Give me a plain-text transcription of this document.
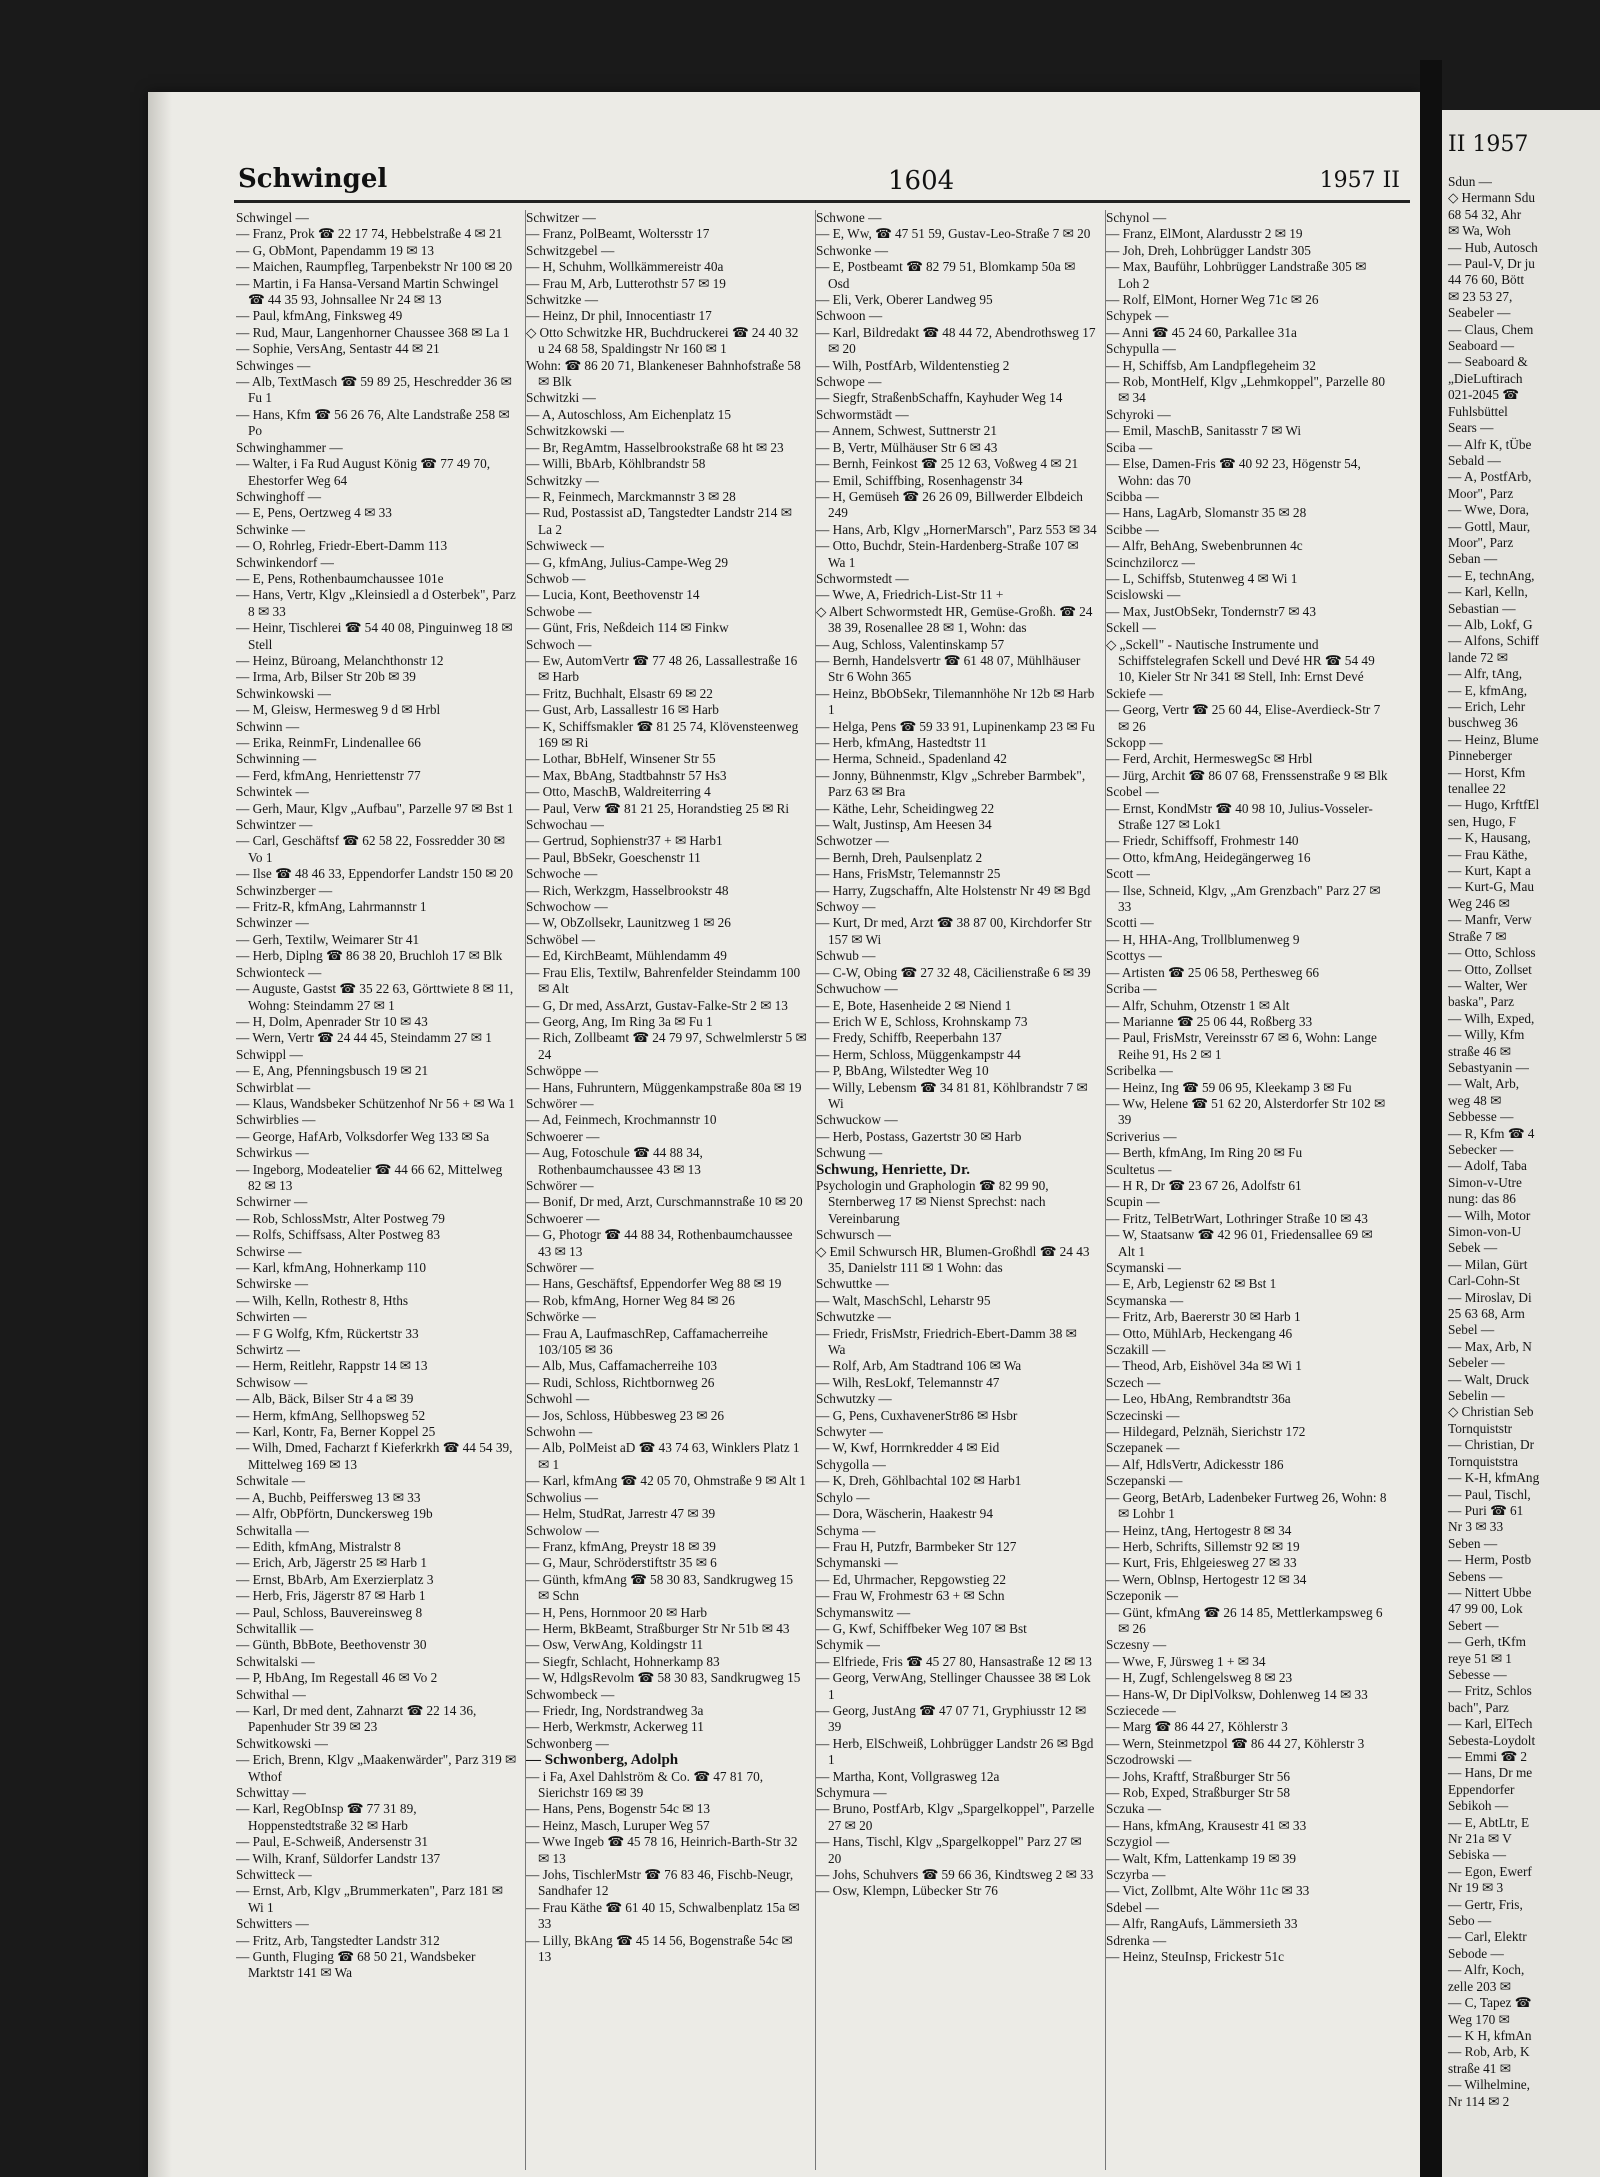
Schwingel	1604	1957 II

Schwingel —

— Franz, Prok ☎ 22 17 74, Hebbelstraße 4 ✉ 21

— G, ObMont, Papendamm 19 ✉ 13

— Maichen, Raumpfleg, Tarpenbekstr Nr 100 ✉ 20

— Martin, i Fa Hansa-Versand Martin Schwingel ☎ 44 35 93, Johnsallee Nr 24 ✉ 13

— Paul, kfmAng, Finksweg 49

— Rud, Maur, Langenhorner Chaussee 368 ✉ La 1

— Sophie, VersAng, Sentastr 44 ✉ 21

Schwinges —

— Alb, TextMasch ☎ 59 89 25, Heschredder 36 ✉ Fu 1

— Hans, Kfm ☎ 56 26 76, Alte Landstraße 258 ✉ Po

Schwinghammer —

— Walter, i Fa Rud August König ☎ 77 49 70, Ehestorfer Weg 64

Schwinghoff —

— E, Pens, Oertzweg 4 ✉ 33

Schwinke —

— O, Rohrleg, Friedr-Ebert-Damm 113

Schwinkendorf —

— E, Pens, Rothenbaumchaussee 101e

— Hans, Vertr, Klgv „Kleinsiedl a d Osterbek", Parz 8 ✉ 33

— Heinr, Tischlerei ☎ 54 40 08, Pinguinweg 18 ✉ Stell

— Heinz, Büroang, Melanchthonstr 12

— Irma, Arb, Bilser Str 20b ✉ 39

Schwinkowski —

— M, Gleisw, Hermesweg 9 d ✉ Hrbl

Schwinn —

— Erika, ReinmFr, Lindenallee 66

Schwinning —

— Ferd, kfmAng, Henriettenstr 77

Schwintek —

— Gerh, Maur, Klgv „Aufbau", Parzelle 97 ✉ Bst 1

Schwintzer —

— Carl, Geschäftsf ☎ 62 58 22, Fossredder 30 ✉ Vo 1

— Ilse ☎ 48 46 33, Eppendorfer Landstr 150 ✉ 20

Schwinzberger —

— Fritz-R, kfmAng, Lahrmannstr 1

Schwinzer —

— Gerh, Textilw, Weimarer Str 41

— Herb, Diplng ☎ 86 38 20, Bruchloh 17 ✉ Blk

Schwionteck —

— Auguste, Gastst ☎ 35 22 63, Görttwiete 8 ✉ 11, Wohng: Steindamm 27 ✉ 1

— H, Dolm, Apenrader Str 10 ✉ 43

— Wern, Vertr ☎ 24 44 45, Steindamm 27 ✉ 1

Schwippl —

— E, Ang, Pfenningsbusch 19 ✉ 21

Schwirblat —

— Klaus, Wandsbeker Schützenhof Nr 56 + ✉ Wa 1

Schwirblies —

— George, HafArb, Volksdorfer Weg 133 ✉ Sa

Schwirkus —

— Ingeborg, Modeatelier ☎ 44 66 62, Mittelweg 82 ✉ 13

Schwirner —

— Rob, SchlossMstr, Alter Postweg 79

— Rolfs, Schiffsass, Alter Postweg 83

Schwirse —

— Karl, kfmAng, Hohnerkamp 110

Schwirske —

— Wilh, Kelln, Rothestr 8, Hths

Schwirten —

— F G Wolfg, Kfm, Rückertstr 33

Schwirtz —

— Herm, Reitlehr, Rappstr 14 ✉ 13

Schwisow —

— Alb, Bäck, Bilser Str 4 a ✉ 39

— Herm, kfmAng, Sellhopsweg 52

— Karl, Kontr, Fa, Berner Koppel 25

— Wilh, Dmed, Facharzt f Kieferkrkh ☎ 44 54 39, Mittelweg 169 ✉ 13

Schwitale —

— A, Buchb, Peiffersweg 13 ✉ 33

— Alfr, ObPförtn, Dunckersweg 19b

Schwitalla —

— Edith, kfmAng, Mistralstr 8

— Erich, Arb, Jägerstr 25 ✉ Harb 1

— Ernst, BbArb, Am Exerzierplatz 3

— Herb, Fris, Jägerstr 87 ✉ Harb 1

— Paul, Schloss, Bauvereinsweg 8

Schwitallik —

— Günth, BbBote, Beethovenstr 30

Schwitalski —

— P, HbAng, Im Regestall 46 ✉ Vo 2

Schwithal —

— Karl, Dr med dent, Zahnarzt ☎ 22 14 36, Papenhuder Str 39 ✉ 23

Schwitkowski —

— Erich, Brenn, Klgv „Maakenwärder", Parz 319 ✉ Wthof

Schwittay —

— Karl, RegObInsp ☎ 77 31 89, Hoppenstedtstraße 32 ✉ Harb

— Paul, E-Schweiß, Andersenstr 31

— Wilh, Kranf, Süldorfer Landstr 137

Schwitteck —

— Ernst, Arb, Klgv „Brummerkaten", Parz 181 ✉ Wi 1

Schwitters —

— Fritz, Arb, Tangstedter Landstr 312

— Gunth, Fluging ☎ 68 50 21, Wandsbeker Marktstr 141 ✉ Wa

Schwitzer —

— Franz, PolBeamt, Woltersstr 17

Schwitzgebel —

— H, Schuhm, Wollkämmereistr 40a

— Frau M, Arb, Lutterothstr 57 ✉ 19

Schwitzke —

— Heinz, Dr phil, Innocentiastr 17

◇ Otto Schwitzke HR, Buchdruckerei ☎ 24 40 32 u 24 68 58, Spaldingstr Nr 160 ✉ 1

Wohn: ☎ 86 20 71, Blankeneser Bahnhofstraße 58 ✉ Blk

Schwitzki —

— A, Autoschloss, Am Eichenplatz 15

Schwitzkowski —

— Br, RegAmtm, Hasselbrookstraße 68 ht ✉ 23

— Willi, BbArb, Köhlbrandstr 58

Schwitzky —

— R, Feinmech, Marckmannstr 3 ✉ 28

— Rud, Postassist aD, Tangstedter Landstr 214 ✉ La 2

Schwiweck —

— G, kfmAng, Julius-Campe-Weg 29

Schwob —

— Lucia, Kont, Beethovenstr 14

Schwobe —

— Günt, Fris, Neßdeich 114 ✉ Finkw

Schwoch —

— Ew, AutomVertr ☎ 77 48 26, Lassallestraße 16 ✉ Harb

— Fritz, Buchhalt, Elsastr 69 ✉ 22

— Gust, Arb, Lassallestr 16 ✉ Harb

— K, Schiffsmakler ☎ 81 25 74, Klövensteenweg 169 ✉ Ri

— Lothar, BbHelf, Winsener Str 55

— Max, BbAng, Stadtbahnstr 57 Hs3

— Otto, MaschB, Waldreiterring 4

— Paul, Verw ☎ 81 21 25, Horandstieg 25 ✉ Ri

Schwochau —

— Gertrud, Sophienstr37 + ✉ Harb1

— Paul, BbSekr, Goeschenstr 11

Schwoche —

— Rich, Werkzgm, Hasselbrookstr 48

Schwochow —

— W, ObZollsekr, Launitzweg 1 ✉ 26

Schwöbel —

— Ed, KirchBeamt, Mühlendamm 49

— Frau Elis, Textilw, Bahrenfelder Steindamm 100 ✉ Alt

— G, Dr med, AssArzt, Gustav-Falke-Str 2 ✉ 13

— Georg, Ang, Im Ring 3a ✉ Fu 1

— Rich, Zollbeamt ☎ 24 79 97, Schwelmlerstr 5 ✉ 24

Schwöppe —

— Hans, Fuhruntern, Müggenkampstraße 80a ✉ 19

Schwörer —

— Ad, Feinmech, Krochmannstr 10

Schwoerer —

— Aug, Fotoschule ☎ 44 88 34, Rothenbaumchaussee 43 ✉ 13

Schwörer —

— Bonif, Dr med, Arzt, Curschmannstraße 10 ✉ 20

Schwoerer —

— G, Photogr ☎ 44 88 34, Rothenbaumchaussee 43 ✉ 13

Schwörer —

— Hans, Geschäftsf, Eppendorfer Weg 88 ✉ 19

— Rob, kfmAng, Horner Weg 84 ✉ 26

Schwörke —

— Frau A, LaufmaschRep, Caffamacherreihe 103/105 ✉ 36

— Alb, Mus, Caffamacherreihe 103

— Rudi, Schloss, Richtbornweg 26

Schwohl —

— Jos, Schloss, Hübbesweg 23 ✉ 26

Schwohn —

— Alb, PolMeist aD ☎ 43 74 63, Winklers Platz 1 ✉ 1

— Karl, kfmAng ☎ 42 05 70, Ohmstraße 9 ✉ Alt 1

Schwolius —

— Helm, StudRat, Jarrestr 47 ✉ 39

Schwolow —

— Franz, kfmAng, Preystr 18 ✉ 39

— G, Maur, Schröderstiftstr 35 ✉ 6

— Günth, kfmAng ☎ 58 30 83, Sandkrugweg 15 ✉ Schn

— H, Pens, Hornmoor 20 ✉ Harb

— Herm, BkBeamt, Straßburger Str Nr 51b ✉ 43

— Osw, VerwAng, Koldingstr 11

— Siegfr, Schlacht, Hohnerkamp 83

— W, HdlgsRevolm ☎ 58 30 83, Sandkrugweg 15

Schwombeck —

— Friedr, Ing, Nordstrandweg 3a

— Herb, Werkmstr, Ackerweg 11

Schwonberg —

— Schwonberg, Adolph

— i Fa, Axel Dahlström & Co. ☎ 47 81 70, Sierichstr 169 ✉ 39

— Hans, Pens, Bogenstr 54c ✉ 13

— Heinz, Masch, Luruper Weg 57

— Wwe Ingeb ☎ 45 78 16, Heinrich-Barth-Str 32 ✉ 13

— Johs, TischlerMstr ☎ 76 83 46, Fischb-Neugr, Sandhafer 12

— Frau Käthe ☎ 61 40 15, Schwalbenplatz 15a ✉ 33

— Lilly, BkAng ☎ 45 14 56, Bogenstraße 54c ✉ 13

Schwone —

— E, Ww, ☎ 47 51 59, Gustav-Leo-Straße 7 ✉ 20

Schwonke —

— E, Postbeamt ☎ 82 79 51, Blomkamp 50a ✉ Osd

— Eli, Verk, Oberer Landweg 95

Schwoon —

— Karl, Bildredakt ☎ 48 44 72, Abendrothsweg 17 ✉ 20

— Wilh, PostfArb, Wildentenstieg 2

Schwope —

— Siegfr, StraßenbSchaffn, Kayhuder Weg 14

Schwormstädt —

— Annem, Schwest, Suttnerstr 21

— B, Vertr, Mülhäuser Str 6 ✉ 43

— Bernh, Feinkost ☎ 25 12 63, Voßweg 4 ✉ 21

— Emil, Schiffbing, Rosenhagenstr 34

— H, Gemüseh ☎ 26 26 09, Billwerder Elbdeich 249

— Hans, Arb, Klgv „HornerMarsch", Parz 553 ✉ 34

— Otto, Buchdr, Stein-Hardenberg-Straße 107 ✉ Wa 1

Schwormstedt —

— Wwe, A, Friedrich-List-Str 11 +

◇ Albert Schwormstedt HR, Gemüse-Großh. ☎ 24 38 39, Rosenallee 28 ✉ 1, Wohn: das

— Aug, Schloss, Valentinskamp 57

— Bernh, Handelsvertr ☎ 61 48 07, Mühlhäuser Str 6 Wohn 365

— Heinz, BbObSekr, Tilemannhöhe Nr 12b ✉ Harb 1

— Helga, Pens ☎ 59 33 91, Lupinenkamp 23 ✉ Fu

— Herb, kfmAng, Hastedtstr 11

— Herma, Schneid., Spadenland 42

— Jonny, Bühnenmstr, Klgv „Schreber Barmbek", Parz 63 ✉ Bra

— Käthe, Lehr, Scheidingweg 22

— Walt, Justinsp, Am Heesen 34

Schwotzer —

— Bernh, Dreh, Paulsenplatz 2

— Hans, FrisMstr, Telemannstr 25

— Harry, Zugschaffn, Alte Holstenstr Nr 49 ✉ Bgd

Schwoy —

— Kurt, Dr med, Arzt ☎ 38 87 00, Kirchdorfer Str 157 ✉ Wi

Schwub —

— C-W, Obing ☎ 27 32 48, Cäcilienstraße 6 ✉ 39

Schwuchow —

— E, Bote, Hasenheide 2 ✉ Niend 1

— Erich W E, Schloss, Krohnskamp 73

— Fredy, Schiffb, Reeperbahn 137

— Herm, Schloss, Müggenkampstr 44

— P, BbAng, Wilstedter Weg 10

— Willy, Lebensm ☎ 34 81 81, Köhlbrandstr 7 ✉ Wi

Schwuckow —

— Herb, Postass, Gazertstr 30 ✉ Harb

Schwung —

Schwung, Henriette, Dr.

Psychologin und Graphologin ☎ 82 99 90, Sternberweg 17 ✉ Nienst Sprechst: nach Vereinbarung

Schwursch —

◇ Emil Schwursch HR, Blumen-Großhdl ☎ 24 43 35, Danielstr 111 ✉ 1 Wohn: das

Schwuttke —

— Walt, MaschSchl, Leharstr 95

Schwutzke —

— Friedr, FrisMstr, Friedrich-Ebert-Damm 38 ✉ Wa

— Rolf, Arb, Am Stadtrand 106 ✉ Wa

— Wilh, ResLokf, Telemannstr 47

Schwutzky —

— G, Pens, CuxhavenerStr86 ✉ Hsbr

Schwyter —

— W, Kwf, Horrnkredder 4 ✉ Eid

Schygolla —

— K, Dreh, Göhlbachtal 102 ✉ Harb1

Schylo —

— Dora, Wäscherin, Haakestr 94

Schyma —

— Frau H, Putzfr, Barmbeker Str 127

Schymanski —

— Ed, Uhrmacher, Repgowstieg 22

— Frau W, Frohmestr 63 + ✉ Schn

Schymanswitz —

— G, Kwf, Schiffbeker Weg 107 ✉ Bst

Schymik —

— Elfriede, Fris ☎ 45 27 80, Hansastraße 12 ✉ 13

— Georg, VerwAng, Stellinger Chaussee 38 ✉ Lok 1

— Georg, JustAng ☎ 47 07 71, Gryphiusstr 12 ✉ 39

— Herb, ElSchweiß, Lohbrügger Landstr 26 ✉ Bgd 1

— Martha, Kont, Vollgrasweg 12a

Schymura —

— Bruno, PostfArb, Klgv „Spargelkoppel", Parzelle 27 ✉ 20

— Hans, Tischl, Klgv „Spargelkoppel" Parz 27 ✉ 20

— Johs, Schuhvers ☎ 59 66 36, Kindtsweg 2 ✉ 33

— Osw, Klempn, Lübecker Str 76

Schynol —

— Franz, ElMont, Alardusstr 2 ✉ 19

— Joh, Dreh, Lohbrügger Landstr 305

— Max, Bauführ, Lohbrügger Landstraße 305 ✉ Loh 2

— Rolf, ElMont, Horner Weg 71c ✉ 26

Schypek —

— Anni ☎ 45 24 60, Parkallee 31a

Schypulla —

— H, Schiffsb, Am Landpflegeheim 32

— Rob, MontHelf, Klgv „Lehmkoppel", Parzelle 80 ✉ 34

Schyroki —

— Emil, MaschB, Sanitasstr 7 ✉ Wi

Sciba —

— Else, Damen-Fris ☎ 40 92 23, Högenstr 54, Wohn: das 70

Scibba —

— Hans, LagArb, Slomanstr 35 ✉ 28

Scibbe —

— Alfr, BehAng, Swebenbrunnen 4c

Scinchzilorcz —

— L, Schiffsb, Stutenweg 4 ✉ Wi 1

Scislowski —

— Max, JustObSekr, Tondernstr7 ✉ 43

Sckell —

◇ „Sckell" - Nautische Instrumente und Schiffstelegrafen Sckell und Devé HR ☎ 54 49 10, Kieler Str Nr 341 ✉ Stell, Inh: Ernst Devé

Sckiefe —

— Georg, Vertr ☎ 25 60 44, Elise-Averdieck-Str 7 ✉ 26

Sckopp —

— Ferd, Archit, HermeswegSc ✉ Hrbl

— Jürg, Archit ☎ 86 07 68, Frenssenstraße 9 ✉ Blk

Scobel —

— Ernst, KondMstr ☎ 40 98 10, Julius-Vosseler-Straße 127 ✉ Lok1

— Friedr, Schiffsoff, Frohmestr 140

— Otto, kfmAng, Heidegängerweg 16

Scott —

— Ilse, Schneid, Klgv, „Am Grenzbach" Parz 27 ✉ 33

Scotti —

— H, HHA-Ang, Trollblumenweg 9

Scottys —

— Artisten ☎ 25 06 58, Perthesweg 66

Scriba —

— Alfr, Schuhm, Otzenstr 1 ✉ Alt

— Marianne ☎ 25 06 44, Roßberg 33

— Paul, FrisMstr, Vereinsstr 67 ✉ 6, Wohn: Lange Reihe 91, Hs 2 ✉ 1

Scribelka —

— Heinz, Ing ☎ 59 06 95, Kleekamp 3 ✉ Fu

— Ww, Helene ☎ 51 62 20, Alsterdorfer Str 102 ✉ 39

Scriverius —

— Berth, kfmAng, Im Ring 20 ✉ Fu

Scultetus —

— H R, Dr ☎ 23 67 26, Adolfstr 61

Scupin —

— Fritz, TelBetrWart, Lothringer Straße 10 ✉ 43

— W, Staatsanw ☎ 42 96 01, Friedensallee 69 ✉ Alt 1

Scymanski —

— E, Arb, Legienstr 62 ✉ Bst 1

Scymanska —

— Fritz, Arb, Baererstr 30 ✉ Harb 1

— Otto, MühlArb, Heckengang 46

Sczakill —

— Theod, Arb, Eishövel 34a ✉ Wi 1

Sczech —

— Leo, HbAng, Rembrandtstr 36a

Sczecinski —

— Hildegard, Pelznäh, Sierichstr 172

Sczepanek —

— Alf, HdlsVertr, Adickesstr 186

Sczepanski —

— Georg, BetArb, Ladenbeker Furtweg 26, Wohn: 8 ✉ Lohbr 1

— Heinz, tAng, Hertogestr 8 ✉ 34

— Herb, Schrifts, Sillemstr 92 ✉ 19

— Kurt, Fris, Ehlgeiesweg 27 ✉ 33

— Wern, Oblnsp, Hertogestr 12 ✉ 34

Sczeponik —

— Günt, kfmAng ☎ 26 14 85, Mettlerkampsweg 6 ✉ 26

Sczesny —

— Wwe, F, Jürsweg 1 + ✉ 34

— H, Zugf, Schlengelsweg 8 ✉ 23

— Hans-W, Dr DiplVolksw, Dohlenweg 14 ✉ 33

Scziecede —

— Marg ☎ 86 44 27, Köhlerstr 3

— Wern, Steinmetzpol ☎ 86 44 27, Köhlerstr 3

Sczodrowski —

— Johs, Kraftf, Straßburger Str 56

— Rob, Exped, Straßburger Str 58

Sczuka —

— Hans, kfmAng, Krausestr 41 ✉ 33

Sczygiol —

— Walt, Kfm, Lattenkamp 19 ✉ 39

Sczyrba —

— Vict, Zollbmt, Alte Wöhr 11c ✉ 33

Sdebel —

— Alfr, RangAufs, Lämmersieth 33

Sdrenka —

— Heinz, SteuInsp, Frickestr 51c

II 1957

Sdun —

◇ Hermann Sdu

68 54 32, Ahr

✉ Wa, Woh

— Hub, Autosch

— Paul-V, Dr ju

44 76 60, Bött

✉ 23 53 27,

Seabeler —

— Claus, Chem

Seaboard —

— Seaboard &

„DieLuftirach

021-2045 ☎

Fuhlsbüttel

Sears —

— Alfr K, tÜbe

Sebald —

— A, PostfArb,

Moor", Parz

— Wwe, Dora,

— Gottl, Maur,

Moor", Parz

Seban —

— E, technAng,

— Karl, Kelln,

Sebastian —

— Alb, Lokf, G

— Alfons, Schiff

lande 72 ✉

— Alfr, tAng,

— E, kfmAng,

— Erich, Lehr

buschweg 36

— Heinz, Blume

Pinneberger

— Horst, Kfm

tenallee 22

— Hugo, KrftfEl

sen, Hugo, F

— K, Hausang,

— Frau Käthe,

— Kurt, Kapt a

— Kurt-G, Mau

Weg 246 ✉

— Manfr, Verw

Straße 7 ✉

— Otto, Schloss

— Otto, Zollset

— Walter, Wer

baska", Parz

— Wilh, Exped,

— Willy, Kfm

straße 46 ✉

Sebastyanin —

— Walt, Arb,

weg 48 ✉

Sebbesse —

— R, Kfm ☎ 4

Sebecker —

— Adolf, Taba

Simon-v-Utre

nung: das 86

— Wilh, Motor

Simon-von-U

Sebek —

— Milan, Gürt

Carl-Cohn-St

— Miroslav, Di

25 63 68, Arm

Sebel —

— Max, Arb, N

Sebeler —

— Walt, Druck

Sebelin —

◇ Christian Seb

Tornquiststr

— Christian, Dr

Tornquiststra

— K-H, kfmAng

— Paul, Tischl,

— Puri ☎ 61

Nr 3 ✉ 33

Seben —

— Herm, Postb

Sebens —

— Nittert Ubbe

47 99 00, Lok

Sebert —

— Gerh, tKfm

reye 51 ✉ 1

Sebesse —

— Fritz, Schlos

bach", Parz

— Karl, ElTech

Sebesta-Loydolt

— Emmi ☎ 2

— Hans, Dr me

Eppendorfer

Sebikoh —

— E, AbtLtr, E

Nr 21a ✉ V

Sebiska —

— Egon, Ewerf

Nr 19 ✉ 3

— Gertr, Fris,

Sebo —

— Carl, Elektr

Sebode —

— Alfr, Koch,

zelle 203 ✉

— C, Tapez ☎

Weg 170 ✉

— K H, kfmAn

— Rob, Arb, K

straße 41 ✉

— Wilhelmine,

Nr 114 ✉ 2
